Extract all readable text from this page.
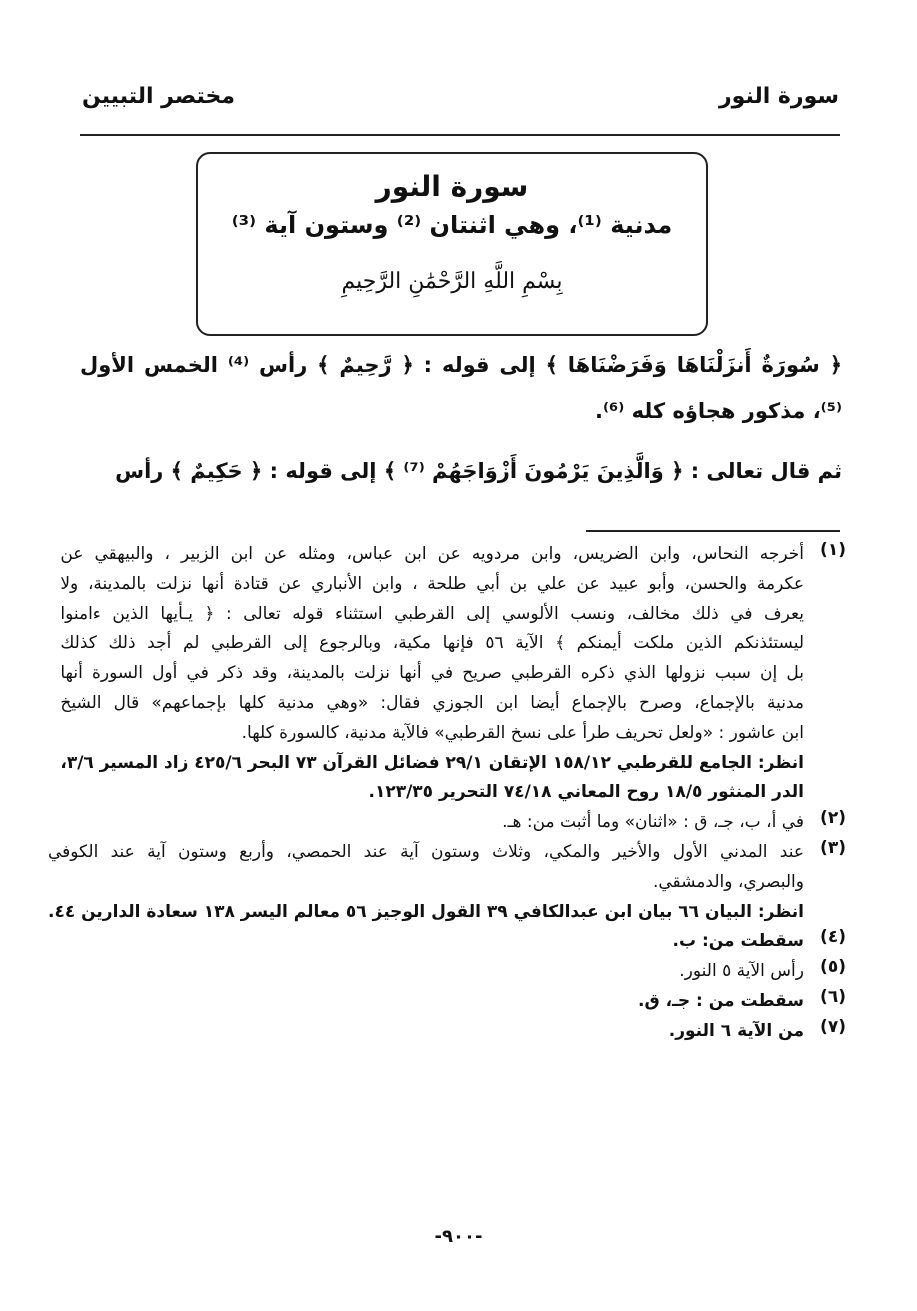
سورة النور
مختصر التبيين
سورة النور
مدنية ⁽¹⁾، وهي اثنتان ⁽²⁾ وستون آية ⁽³⁾
بِسْمِ اللَّهِ الرَّحْمَٰنِ الرَّحِيمِ
﴿ سُورَةٌ أَنزَلْنَاهَا وَفَرَضْنَاهَا ﴾ إلى قوله : ﴿ رَّحِيمٌ ﴾ رأس ⁽⁴⁾ الخمس الأول ⁽⁵⁾، مذكور هجاؤه كله ⁽⁶⁾.
ثم قال تعالى : ﴿ وَالَّذِينَ يَرْمُونَ أَزْوَاجَهُمْ ⁽⁷⁾ ﴾ إلى قوله : ﴿ حَكِيمٌ ﴾ رأس
(١)
أخرجه النحاس، وابن الضريس، وابن مردويه عن ابن عباس، ومثله عن ابن الزبير ، والبيهقي عن
عكرمة والحسن، وأبو عبيد عن علي بن أبي طلحة ، وابن الأنباري عن قتادة أنها نزلت بالمدينة، ولا
يعرف في ذلك مخالف، ونسب الألوسي إلى القرطبي استثناء قوله تعالى : ﴿ يـأيها الذين ءامنوا
ليستئذنكم الذين ملكت أيمنكم ﴾ الآية ٥٦ فإنها مكية، وبالرجوع إلى القرطبي لم أجد ذلك كذلك
بل إن سبب نزولها الذي ذكره القرطبي صريح في أنها نزلت بالمدينة، وقد ذكر في أول السورة أنها
مدنية بالإجماع، وصرح بالإجماع أيضا ابن الجوزي فقال: «وهي مدنية كلها بإجماعهم» قال الشيخ
ابن عاشور : «ولعل تحريف طرأ على نسخ القرطبي» فالآية مدنية، كالسورة كلها.
انظر: الجامع للقرطبي ١٥٨/١٢ الإتقان ٢٩/١ فضائل القرآن ٧٣ البحر ٤٢٥/٦ زاد المسير ٣/٦،
الدر المنثور ١٨/٥ روح المعاني ٧٤/١٨ التحرير ١٢٣/٣٥.
(٢)
في أ، ب، جـ، ق : «اثنان» وما أثبت من: هـ.
(٣)
عند المدني الأول والأخير والمكي، وثلاث وستون آية عند الحمصي، وأربع وستون آية عند الكوفي
والبصري، والدمشقي.
انظر: البيان ٦٦ بيان ابن عبدالكافي ٣٩ القول الوجيز ٥٦ معالم اليسر ١٣٨ سعادة الدارين ٤٤.
(٤)
سقطت من: ب.
(٥)
رأس الآية ٥ النور.
(٦)
سقطت من : جـ، ق.
(٧)
من الآية ٦ النور.
-٩٠٠-
